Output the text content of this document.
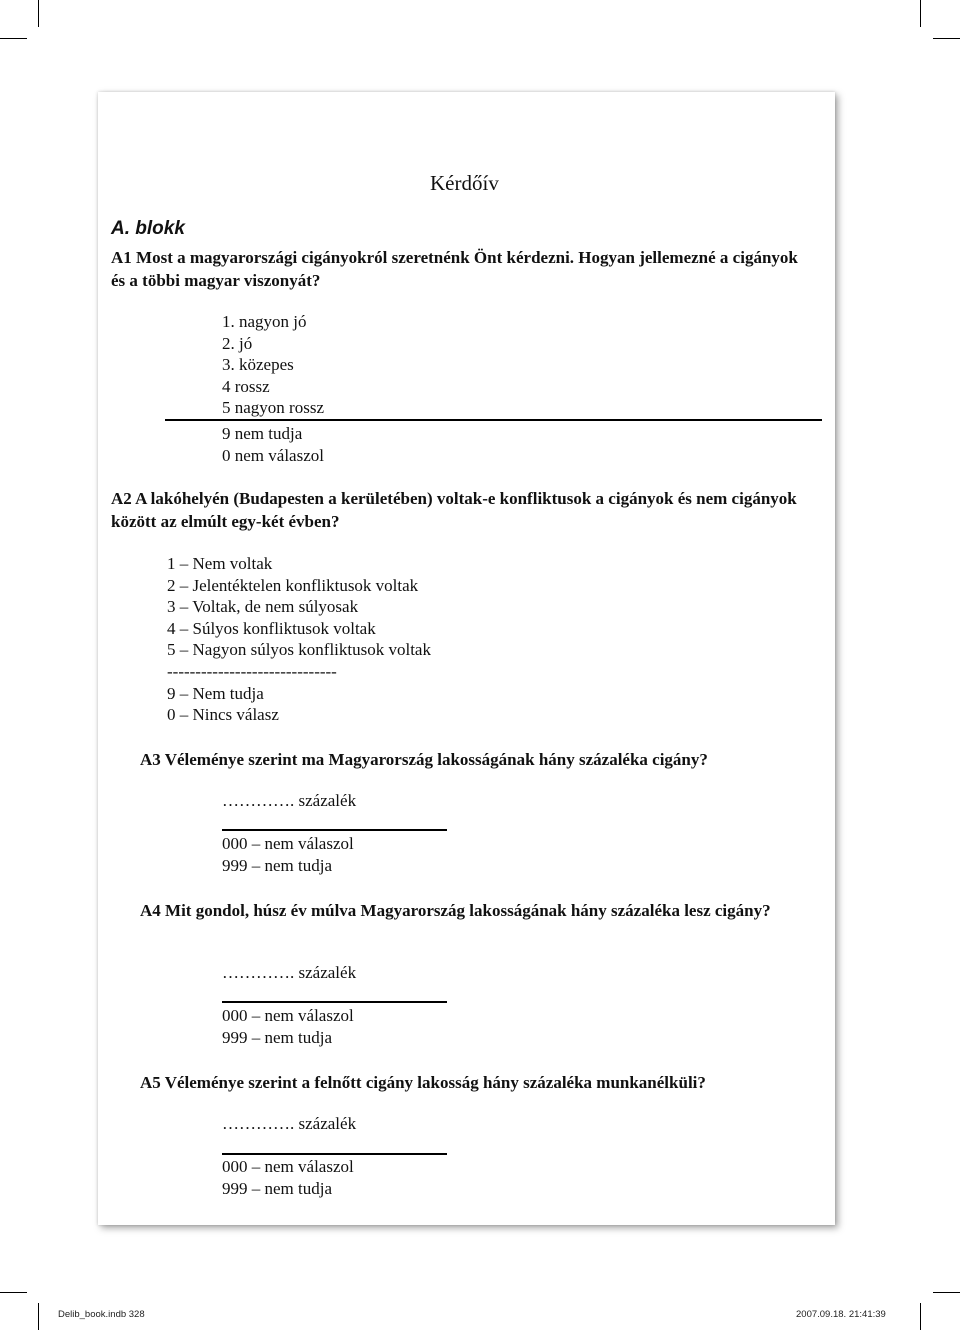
Kérdőív
A. blokk
A1 Most a magyarországi cigányokról szeretnénk Önt kérdezni. Hogyan jellemezné a cigányok és a többi magyar viszonyát?
1. nagyon jó
2. jó
3. közepes
4 rossz
5 nagyon rossz
9 nem tudja
0 nem válaszol
A2 A lakóhelyén (Budapesten a kerületében) voltak-e konfliktusok a cigányok és nem cigányok között az elmúlt egy-két évben?
1 – Nem voltak
2 – Jelentéktelen konfliktusok voltak
3 – Voltak, de nem súlyosak
4 – Súlyos konfliktusok voltak
5 – Nagyon súlyos konfliktusok voltak
------------------------------
9 – Nem tudja
0 – Nincs válasz
A3 Véleménye szerint ma Magyarország lakosságának hány százaléka cigány?
…………. százalék
000 – nem válaszol
999 – nem tudja
A4 Mit gondol, húsz év múlva Magyarország lakosságának hány százaléka lesz cigány?
…………. százalék
000 – nem válaszol
999 – nem tudja
A5 Véleménye szerint a felnőtt cigány lakosság hány százaléka munkanélküli?
…………. százalék
000 – nem válaszol
999 – nem tudja
Delib_book.indb 328	2007.09.18. 21:41:39
